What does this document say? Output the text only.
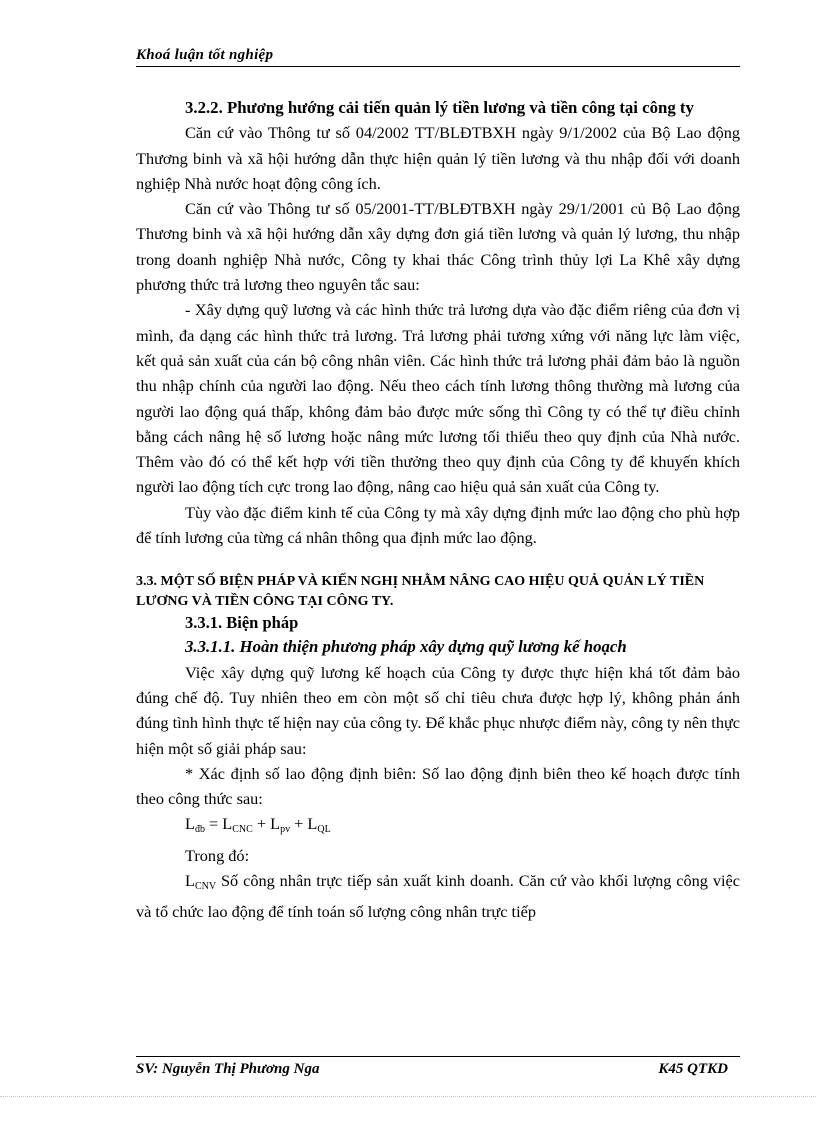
Khoá luận tốt nghiệp

3.2.2. Phương hướng cải tiến quản lý tiền lương và tiền công tại công ty

Căn cứ vào Thông tư số 04/2002 TT/BLĐTBXH ngày 9/1/2002 của Bộ Lao động Thương binh và xã hội hướng dẫn thực hiện quản lý tiền lương và thu nhập đối với doanh nghiệp Nhà nước hoạt động công ích.

Căn cứ vào Thông tư số 05/2001-TT/BLĐTBXH ngày 29/1/2001 củ Bộ Lao động Thương binh và xã hội hướng dẫn xây dựng đơn giá tiền lương và quản lý lương, thu nhập trong doanh nghiệp Nhà nước, Công ty khai thác Công trình thủy lợi La Khê xây dựng phương thức trả lương theo nguyên tắc sau:

- Xây dựng quỹ lương và các hình thức trả lương dựa vào đặc điểm riêng của đơn vị mình, đa dạng các hình thức trả lương. Trả lương phải tương xứng với năng lực làm việc, kết quả sản xuất của cán bộ công nhân viên. Các hình thức trả lương phải đảm bảo là nguồn thu nhập chính của người lao động. Nếu theo cách tính lương thông thường mà lương của người lao động quá thấp, không đảm bảo được mức sống thì Công ty có thể tự điều chỉnh bằng cách nâng hệ số lương hoặc nâng mức lương tối thiểu theo quy định của Nhà nước. Thêm vào đó có thể kết hợp với tiền thưởng theo quy định của Công ty để khuyến khích người lao động tích cực trong lao động, nâng cao hiệu quả sản xuất của Công ty.

Tùy vào đặc điểm kinh tế của Công ty mà xây dựng định mức lao động cho phù hợp để tính lương của từng cá nhân thông qua định mức lao động.

3.3. MỘT SỐ BIỆN PHÁP VÀ KIẾN NGHỊ NHẰM NÂNG CAO HIỆU QUẢ QUẢN LÝ TIỀN LƯƠNG VÀ TIỀN CÔNG TẠI CÔNG TY.

3.3.1. Biện pháp

3.3.1.1. Hoàn thiện phương pháp xây dựng quỹ lương kế hoạch

Việc xây dựng quỹ lương kế hoạch của Công ty được thực hiện khá tốt đảm bảo đúng chế độ. Tuy nhiên theo em còn một số chỉ tiêu chưa được hợp lý, không phản ánh đúng tình hình thực tế hiện nay của công ty. Để khắc phục nhược điểm này, công ty nên thực hiện một số giải pháp sau:

* Xác định số lao động định biên: Số lao động định biên theo kế hoạch được tính theo công thức sau:

$L_{đb} = L_{CNC} + L_{pv} + L_{QL}$

Trong đó:

$L_{CNV}$ Số công nhân trực tiếp sản xuất kinh doanh. Căn cứ vào khối lượng công việc và tổ chức lao động để tính toán số lượng công nhân trực tiếp

SV: Nguyễn Thị Phương Nga	K45 QTKD
